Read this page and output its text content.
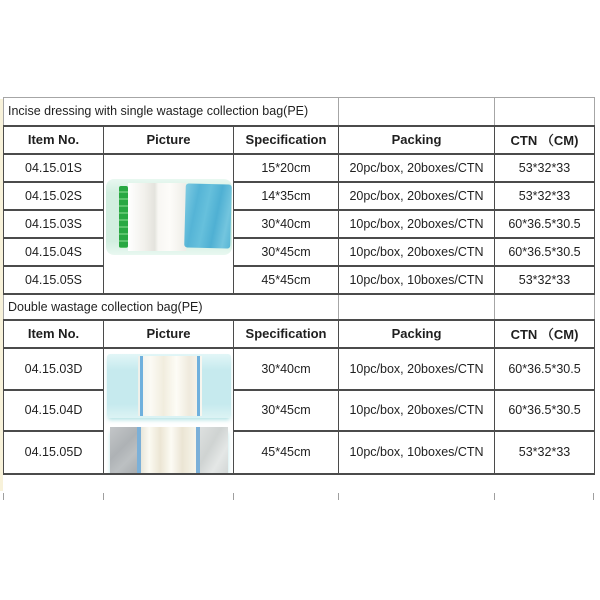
Incise dressing with single wastage collection bag(PE)				
Item No.	Picture	Specification	Packing	CTN （CM)
04.15.01S		15*20cm	20pc/box, 20boxes/CTN	53*32*33
04.15.02S		14*35cm	20pc/box, 20boxes/CTN	53*32*33
04.15.03S		30*40cm	10pc/box, 20boxes/CTN	60*36.5*30.5
04.15.04S		30*45cm	10pc/box, 20boxes/CTN	60*36.5*30.5
04.15.05S		45*45cm	10pc/box, 10boxes/CTN	53*32*33
Double wastage collection bag(PE)				
Item No.	Picture	Specification	Packing	CTN （CM)
04.15.03D		30*40cm	10pc/box, 20boxes/CTN	60*36.5*30.5
04.15.04D		30*45cm	10pc/box, 20boxes/CTN	60*36.5*30.5
04.15.05D		45*45cm	10pc/box, 10boxes/CTN	53*32*33
